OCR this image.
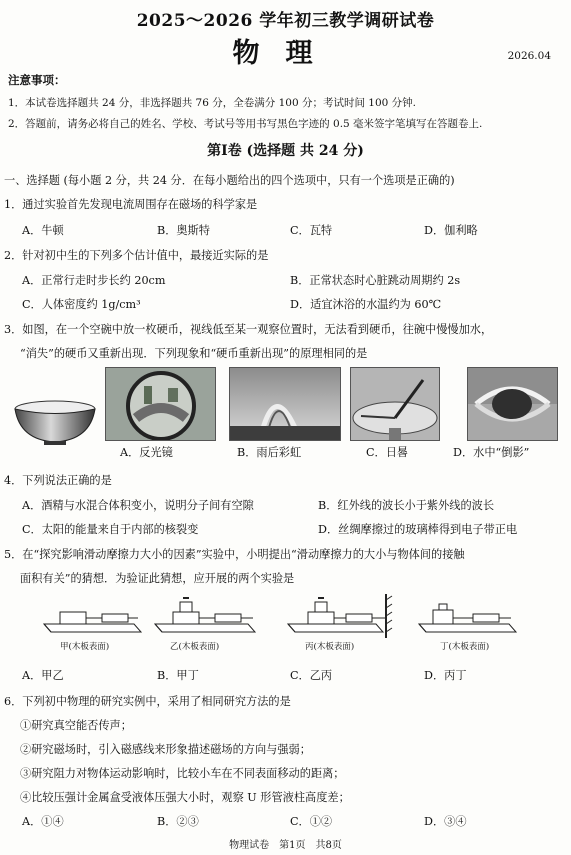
2025～2026 学年初三教学调研试卷
物理	2026.04
注意事项：
1．本试卷选择题共 24 分，非选择题共 76 分，全卷满分 100 分；考试时间 100 分钟.
2．答题前，请务必将自己的姓名、学校、考试号等用书写黑色字迹的 0.5 毫米签字笔填写在答题卷上.
第Ⅰ卷 (选择题 共 24 分)
一、选择题 (每小题 2 分，共 24 分．在每小题给出的四个选项中，只有一个选项是正确的)
1．通过实验首先发现电流周围存在磁场的科学家是
A．牛顿	B．奥斯特	C．瓦特	D．伽利略
2．针对初中生的下列多个估计值中，最接近实际的是
A．正常行走时步长约 20cm	B．正常状态时心脏跳动周期约 2s
C．人体密度约 1g/cm³	D．适宜沐浴的水温约为 60℃
3．如图，在一个空碗中放一枚硬币，视线低至某一观察位置时，无法看到硬币，往碗中慢慢加水，
“消失”的硬币又重新出现．下列现象和“硬币重新出现”的原理相同的是
A．反光镜	B．雨后彩虹	C．日晷	D．水中“倒影”
4．下列说法正确的是
A．酒精与水混合体积变小，说明分子间有空隙	B．红外线的波长小于紫外线的波长
C．太阳的能量来自于内部的核裂变	D．丝绸摩擦过的玻璃棒得到电子带正电
5．在“探究影响滑动摩擦力大小的因素”实验中，小明提出“滑动摩擦力的大小与物体间的接触
面积有关”的猜想．为验证此猜想，应开展的两个实验是
甲(木板表面)	乙(木板表面)	丙(木板表面)	丁(木板表面)
A．甲乙	B．甲丁	C．乙丙	D．丙丁
6．下列初中物理的研究实例中，采用了相同研究方法的是
①研究真空能否传声；
②研究磁场时，引入磁感线来形象描述磁场的方向与强弱；
③研究阻力对物体运动影响时，比较小车在不同表面移动的距离；
④比较压强计金属盒受液体压强大小时，观察 U 形管液柱高度差；
A．①④	B．②③	C．①②	D．③④
物理试卷　第1页　共8页
